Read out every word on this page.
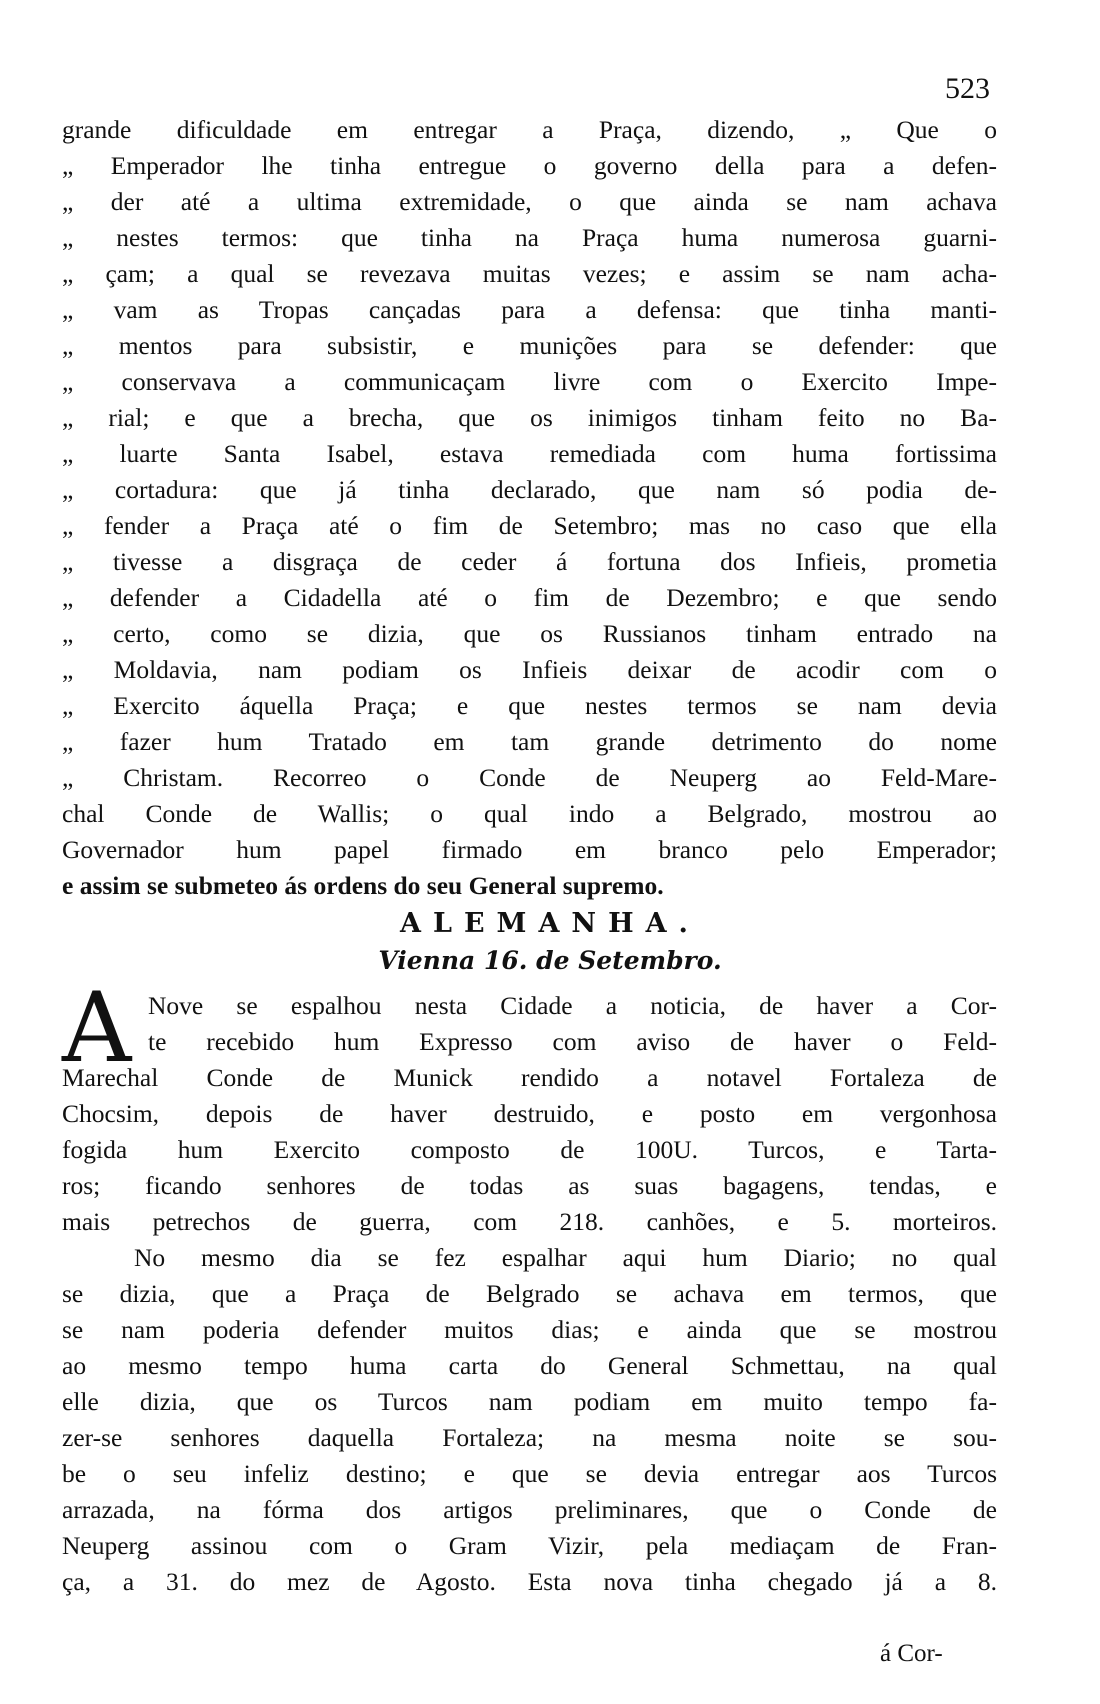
523
grande dificuldade em entregar a Praça, dizendo, „ Que o
„ Emperador lhe tinha entregue o governo della para a defen-
„ der até a ultima extremidade, o que ainda se nam achava
„ nestes termos: que tinha na Praça huma numerosa guarni-
„ çam; a qual se revezava muitas vezes; e assim se nam acha-
„ vam as Tropas cançadas para a defensa: que tinha manti-
„ mentos para subsistir, e munições para se defender: que
„ conservava a communicaçam livre com o Exercito Impe-
„ rial; e que a brecha, que os inimigos tinham feito no Ba-
„ luarte Santa Isabel, estava remediada com huma fortissima
„ cortadura: que já tinha declarado, que nam só podia de-
„ fender a Praça até o fim de Setembro; mas no caso que ella
„ tivesse a disgraça de ceder á fortuna dos Infieis, prometia
„ defender a Cidadella até o fim de Dezembro; e que sendo
„ certo, como se dizia, que os Russianos tinham entrado na
„ Moldavia, nam podiam os Infieis deixar de acodir com o
„ Exercito áquella Praça; e que nestes termos se nam devia
„ fazer hum Tratado em tam grande detrimento do nome
„ Christam. Recorreo o Conde de Neuperg ao Feld-Mare-
chal Conde de Wallis; o qual indo a Belgrado, mostrou ao
Governador hum papel firmado em branco pelo Emperador;
e assim se submeteo ás ordens do seu General supremo.
ALEMANHA.
Vienna 16. de Setembro.
A Nove se espalhou nesta Cidade a noticia, de haver a Cor-
te recebido hum Expresso com aviso de haver o Feld-
Marechal Conde de Munick rendido a notavel Fortaleza de
Chocsim, depois de haver destruido, e posto em vergonhosa
fogida hum Exercito composto de 100U. Turcos, e Tarta-
ros; ficando senhores de todas as suas bagagens, tendas, e
mais petrechos de guerra, com 218. canhões, e 5. morteiros.
No mesmo dia se fez espalhar aqui hum Diario; no qual
se dizia, que a Praça de Belgrado se achava em termos, que
se nam poderia defender muitos dias; e ainda que se mostrou
ao mesmo tempo huma carta do General Schmettau, na qual
elle dizia, que os Turcos nam podiam em muito tempo fa-
zer-se senhores daquella Fortaleza; na mesma noite se sou-
be o seu infeliz destino; e que se devia entregar aos Turcos
arrazada, na fórma dos artigos preliminares, que o Conde de
Neuperg assinou com o Gram Vizir, pela mediaçam de Fran-
ça, a 31. do mez de Agosto. Esta nova tinha chegado já a 8.
á Cor-
